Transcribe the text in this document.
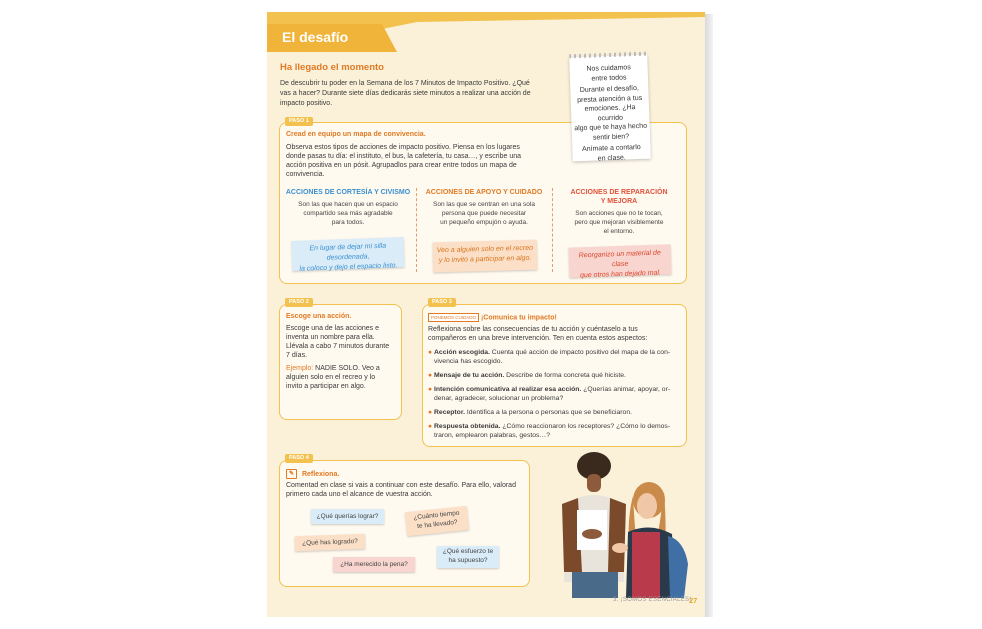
El desafío
Ha llegado el momento
De descubrir tu poder en la Semana de los 7 Minutos de Impacto Positivo. ¿Qué
vas a hacer? Durante siete días dedicarás siete minutos a realizar una acción de
impacto positivo.
PASO 1
Cread en equipo un mapa de convivencia.
Observa estos tipos de acciones de impacto positivo. Piensa en los lugares
donde pasas tu día: el instituto, el bus, la cafetería, tu casa…, y escribe una
acción positiva en un pósit. Agrupadlos para crear entre todos un mapa de
convivencia.
ACCIONES DE CORTESÍA Y CIVISMO
Son las que hacen que un espacio
compartido sea más agradable
para todos.
En lugar de dejar mi silla desordenada,
la coloco y dejo el espacio listo.
ACCIONES DE APOYO Y CUIDADO
Son las que se centran en una sola
persona que puede necesitar
un pequeño empujón o ayuda.
Veo a alguien solo en el recreo
y lo invito a participar en algo.
ACCIONES DE REPARACIÓN
Y MEJORA
Son acciones que no te tocan,
pero que mejoran visiblemente
el entorno.
Reorganizo un material de clase
que otros han dejado mal.

Nos cuidamos
entre todos

Durante el desafío,
presta atención a tus
emociones. ¿Ha ocurrido
algo que te haya hecho
sentir bien?

Anímate a contarlo
en clase.

PASO 2
Escoge una acción.
Escoge una de las acciones e
inventa un nombre para ella.
Llévala a cabo 7 minutos durante
7 días.
Ejemplo: NADIE SOLO. Veo a
alguien solo en el recreo y lo
invito a participar en algo.
PASO 3
PONEMOS CUIDADO ¡Comunica tu impacto!
Reflexiona sobre las consecuencias de tu acción y cuéntaselo a tus
compañeros en una breve intervención. Ten en cuenta estos aspectos:
● Acción escogida. Cuenta qué acción de impacto positivo del mapa de la con-
vivencia has escogido.
● Mensaje de tu acción. Describe de forma concreta qué hiciste.
● Intención comunicativa al realizar esa acción. ¿Querías animar, apoyar, or-
denar, agradecer, solucionar un problema?
● Receptor. Identifica a la persona o personas que se beneficiaron.
● Respuesta obtenida. ¿Cómo reaccionaron los receptores? ¿Cómo lo demos-
traron, emplearon palabras, gestos…?
PASO 4
✎ Reflexiona.
Comentad en clase si vais a continuar con este desafío. Para ello, valorad
primero cada uno el alcance de vuestra acción.
¿Qué querías lograr?	¿Cuánto tiempo
te ha llevado?
¿Qué has logrado?
¿Qué esfuerzo te
ha supuesto?
¿Ha merecido la pena?
3. ¡SOMOS ESENCIALES!
27
